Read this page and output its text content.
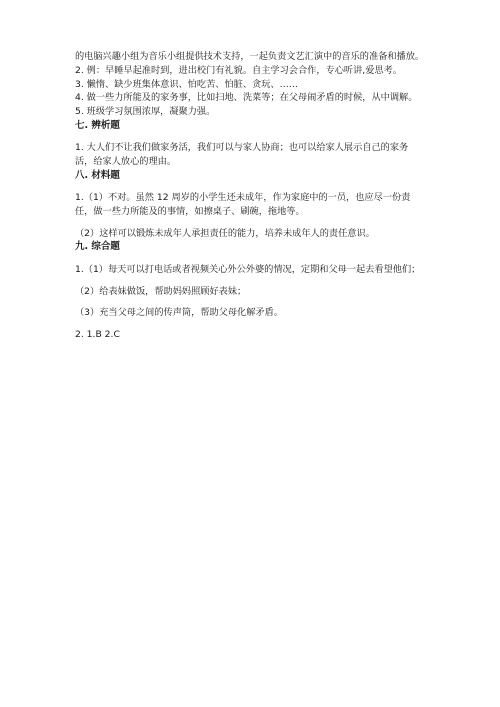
的电脑兴趣小组为音乐小组提供技术支持，一起负责文艺汇演中的音乐的准备和播放。

2. 例：早睡早起准时到，进出校门有礼貌。自主学习会合作，专心听讲,爱思考。

3. 懒惰、缺少班集体意识、怕吃苦、怕脏、贪玩、……

4. 做一些力所能及的家务事，比如扫地、洗菜等；在父母闹矛盾的时候，从中调解。

5. 班级学习氛围浓厚，凝聚力强。

七. 辨析题

1. 大人们不让我们做家务活，我们可以与家人协商；也可以给家人展示自己的家务活，给家人放心的理由。

八. 材料题

1.（1）不对。虽然 12 周岁的小学生还未成年，作为家庭中的一员，也应尽一份责任，做一些力所能及的事情，如擦桌子、刷碗，拖地等。

（2）这样可以锻炼未成年人承担责任的能力，培养未成年人的责任意识。

九. 综合题

1.（1）每天可以打电话或者视频关心外公外婆的情况，定期和父母一起去看望他们；

（2）给表妹做饭，帮助妈妈照顾好表妹；

（3）充当父母之间的传声筒，帮助父母化解矛盾。

2. 1.B 2.C
